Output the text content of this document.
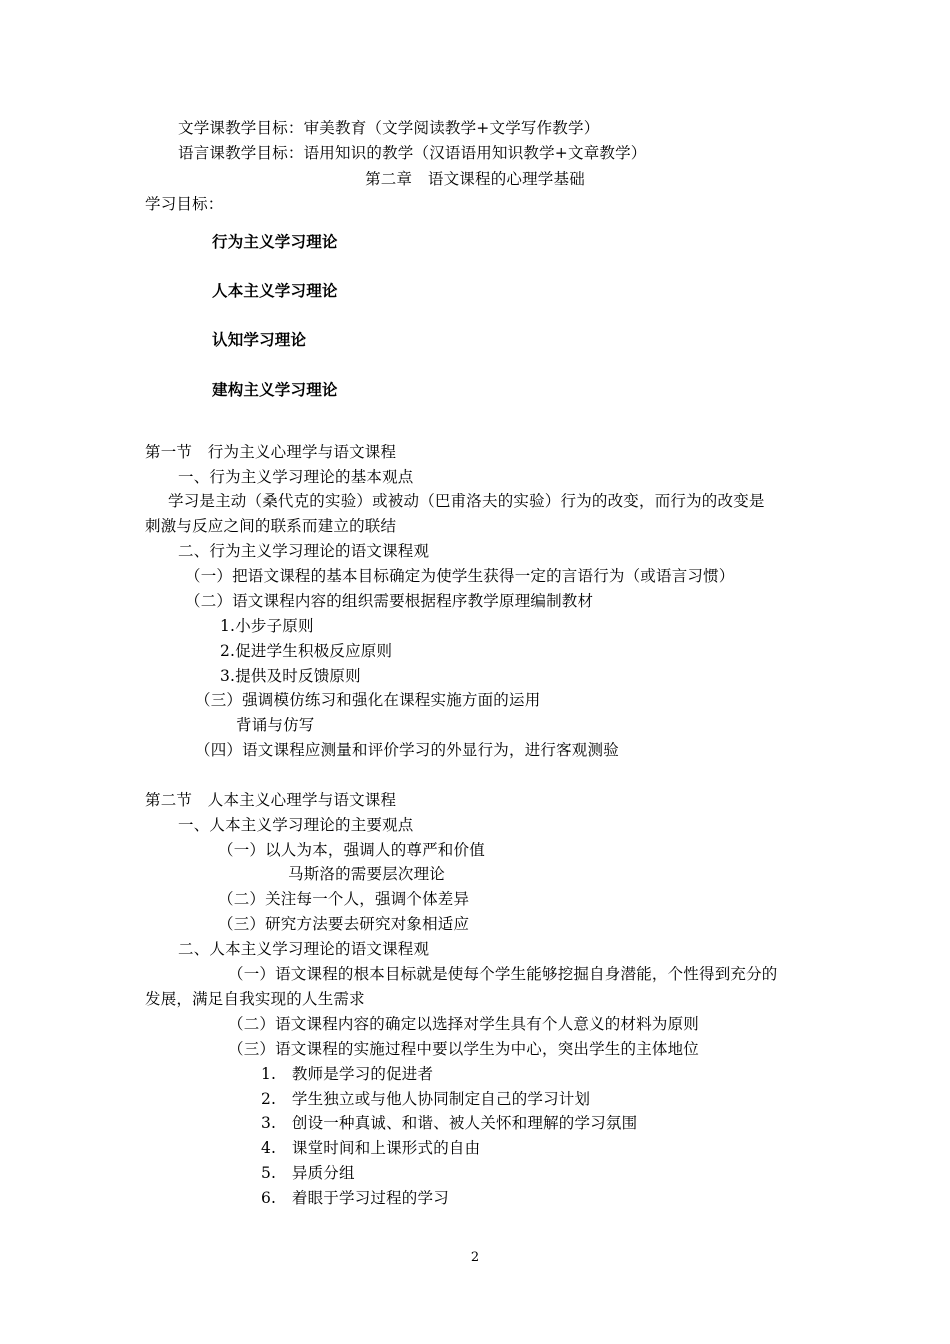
文学课教学目标：审美教育（文学阅读教学+文学写作教学）
语言课教学目标：语用知识的教学（汉语语用知识教学+文章教学）
第二章　语文课程的心理学基础
学习目标：
行为主义学习理论
人本主义学习理论
认知学习理论
建构主义学习理论
第一节　行为主义心理学与语文课程
一、行为主义学习理论的基本观点
学习是主动（桑代克的实验）或被动（巴甫洛夫的实验）行为的改变，而行为的改变是
刺激与反应之间的联系而建立的联结
二、行为主义学习理论的语文课程观
（一）把语文课程的基本目标确定为使学生获得一定的言语行为（或语言习惯）
（二）语文课程内容的组织需要根据程序教学原理编制教材
1.小步子原则
2.促进学生积极反应原则
3.提供及时反馈原则
（三）强调模仿练习和强化在课程实施方面的运用
背诵与仿写
（四）语文课程应测量和评价学习的外显行为，进行客观测验
第二节　人本主义心理学与语文课程
一、人本主义学习理论的主要观点
（一）以人为本，强调人的尊严和价值
马斯洛的需要层次理论
（二）关注每一个人，强调个体差异
（三）研究方法要去研究对象相适应
二、人本主义学习理论的语文课程观
（一）语文课程的根本目标就是使每个学生能够挖掘自身潜能，个性得到充分的
发展，满足自我实现的人生需求
（二）语文课程内容的确定以选择对学生具有个人意义的材料为原则
（三）语文课程的实施过程中要以学生为中心，突出学生的主体地位
1.　教师是学习的促进者
2.　学生独立或与他人协同制定自己的学习计划
3.　创设一种真诚、和谐、被人关怀和理解的学习氛围
4.　课堂时间和上课形式的自由
5.　异质分组
6.　着眼于学习过程的学习
2
